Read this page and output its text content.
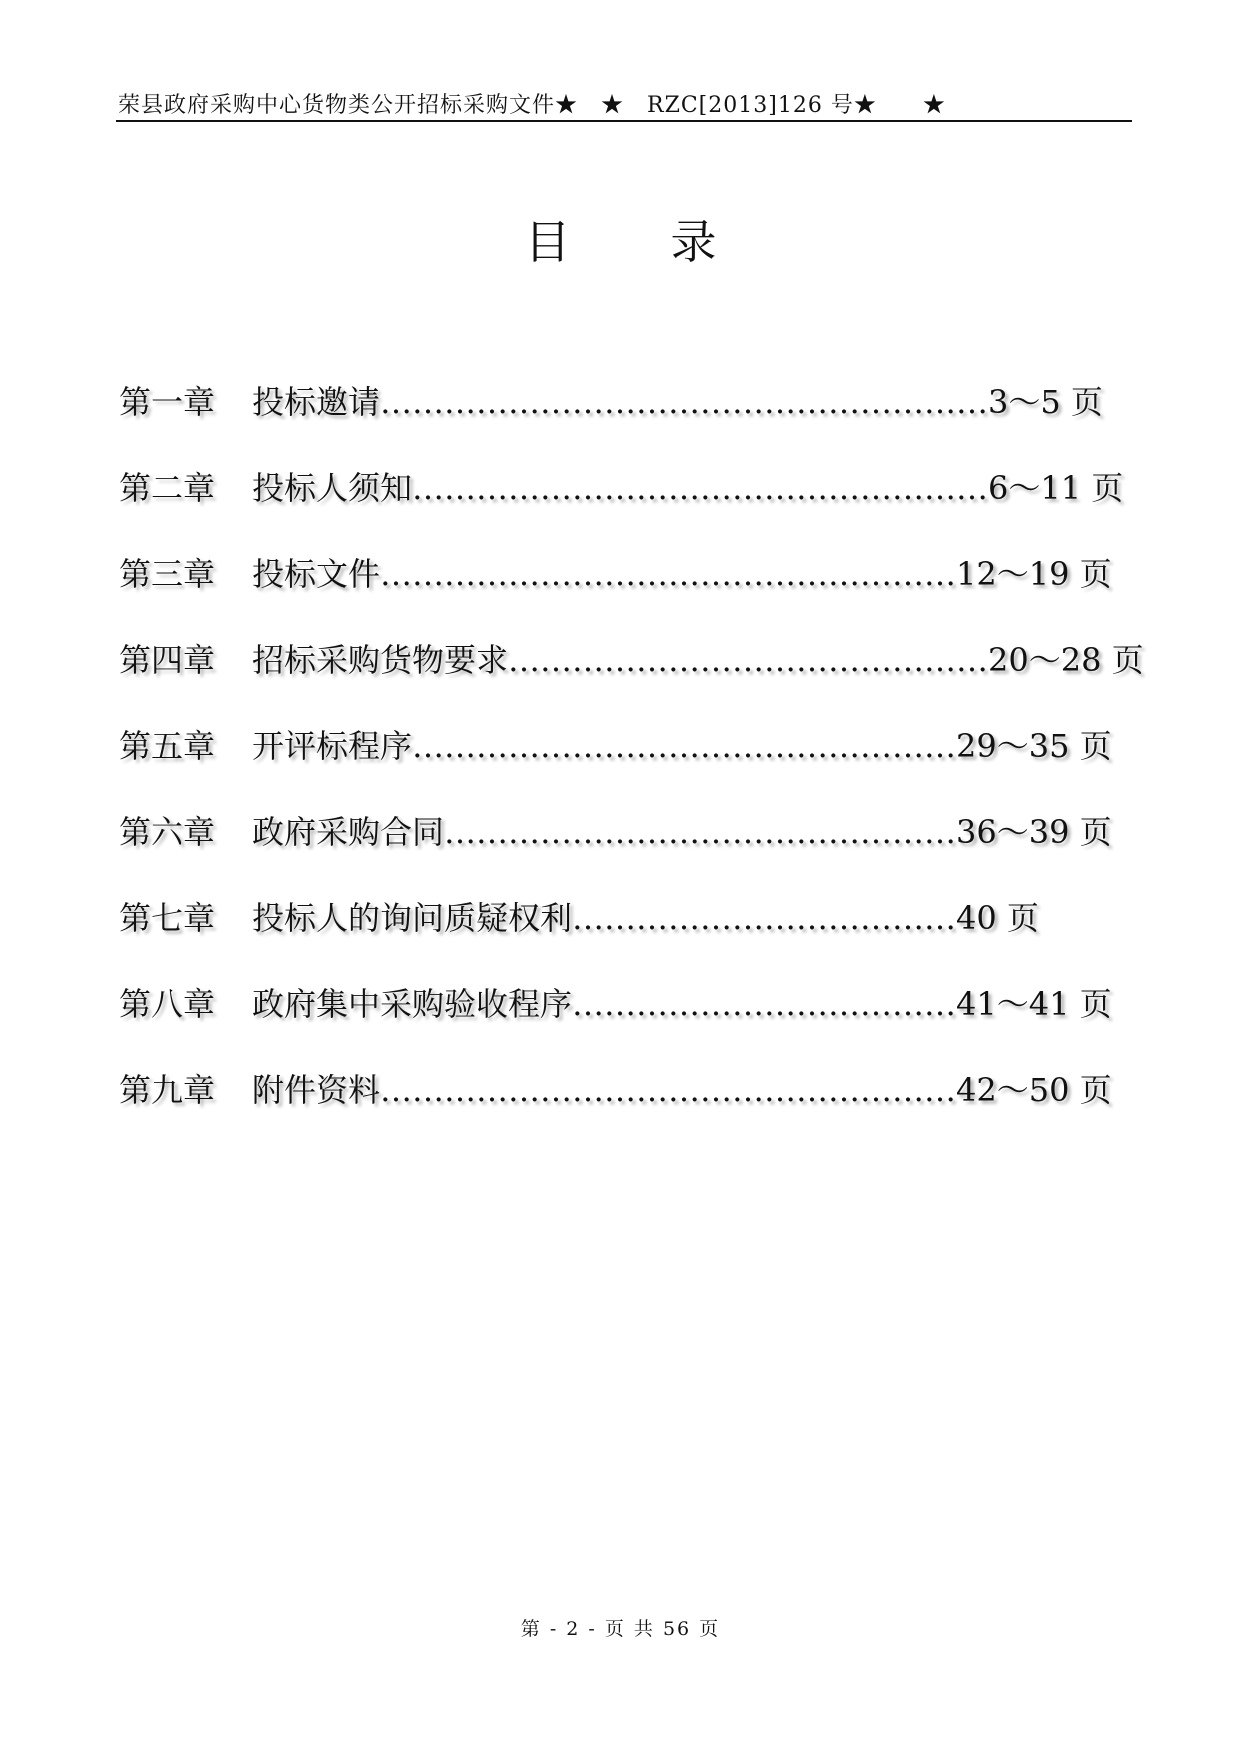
荣县政府采购中心货物类公开招标采购文件★　★　RZC[2013]126 号★　　★
目 录
第一章 投标邀请…………………………………………………3～5 页
第二章 投标人须知………………………………………………6～11 页
第三章 投标文件………………………………………………12～19 页
第四章 招标采购货物要求………………………………………20～28 页
第五章 开评标程序……………………………………………29～35 页
第六章 政府采购合同…………………………………………36～39 页
第七章 投标人的询问质疑权利………………………………40 页
第八章 政府集中采购验收程序………………………………41～41 页
第九章 附件资料………………………………………………42～50 页
第 - 2 - 页 共 56 页
